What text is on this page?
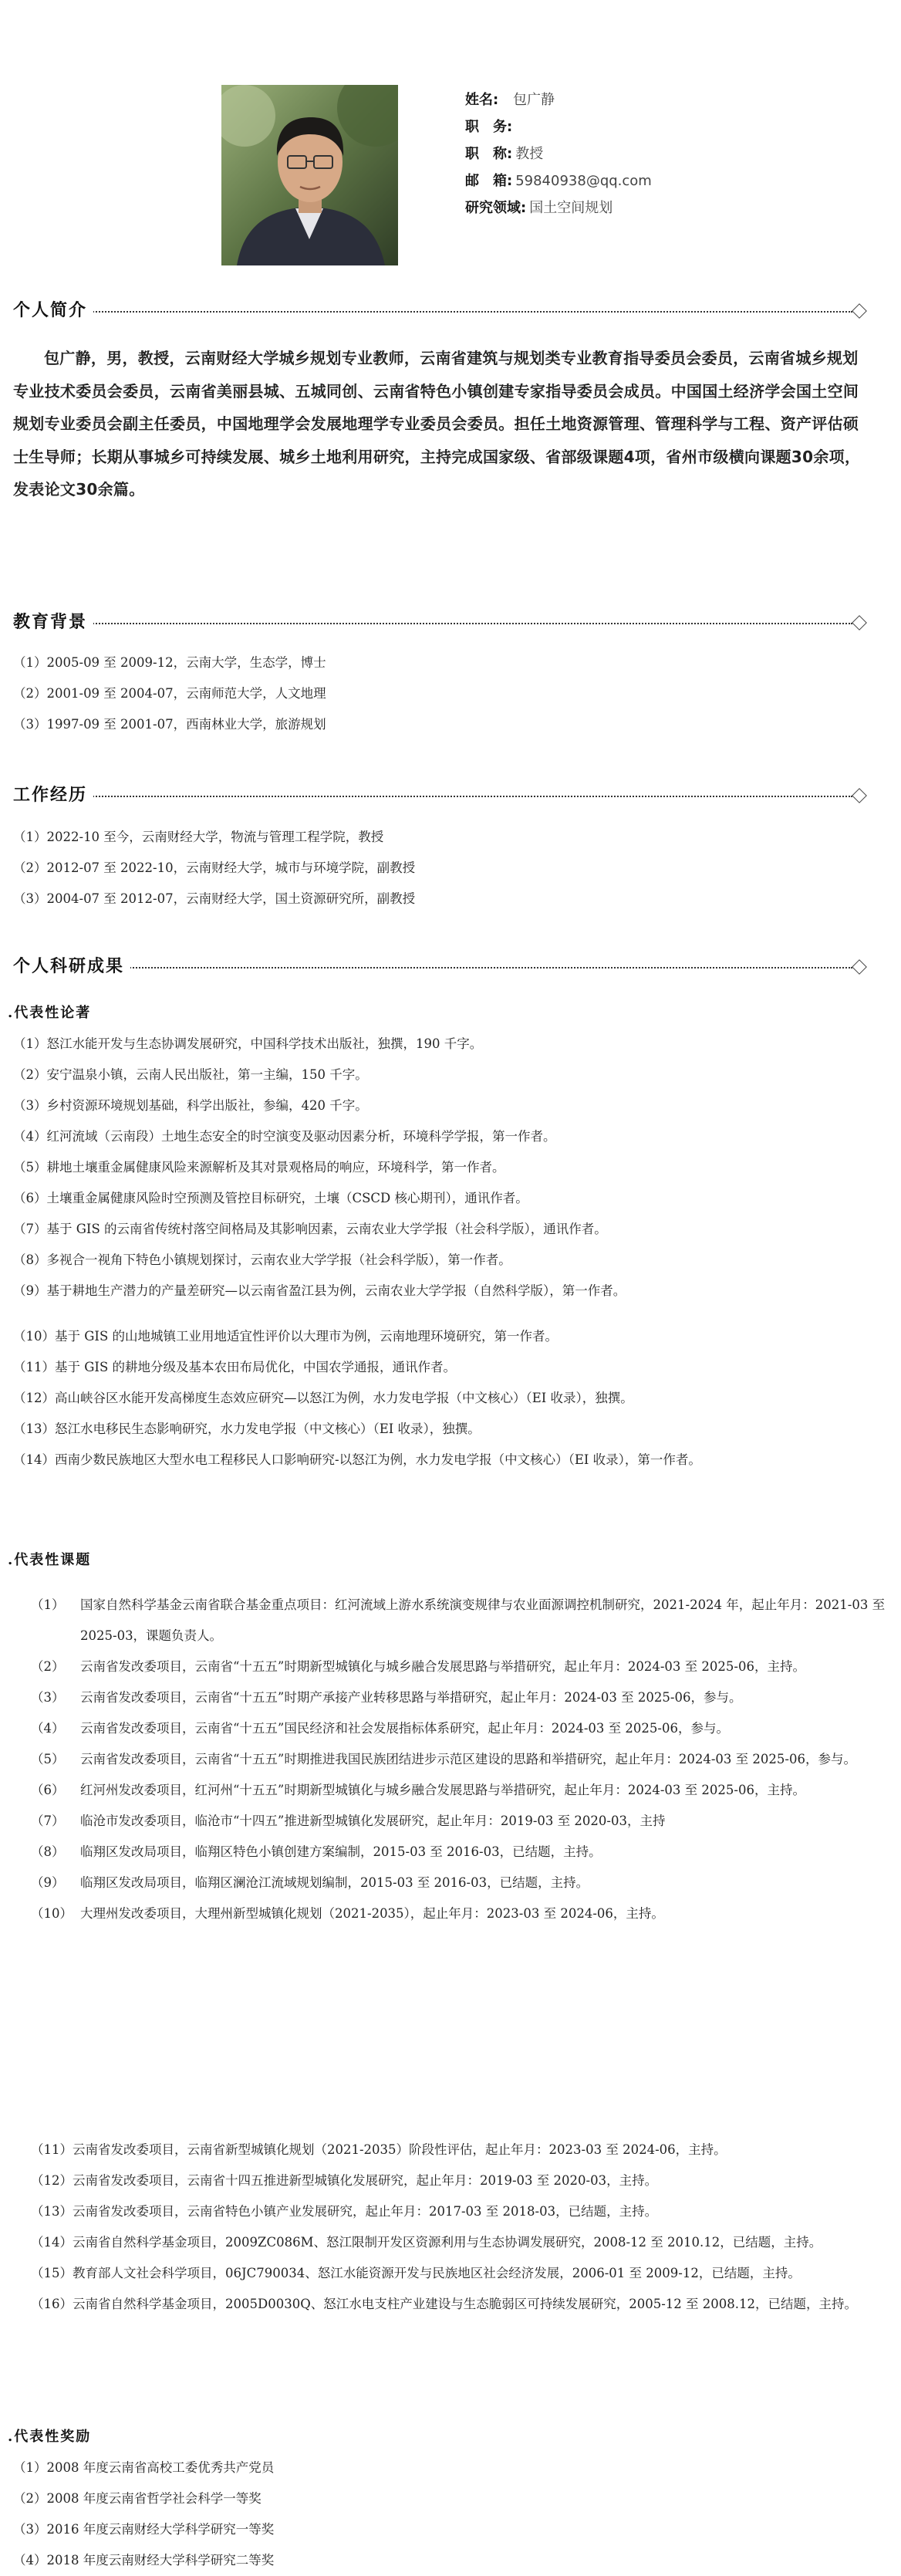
姓名: 包广静
职　务:
职　称: 教授
邮　箱: 59840938@qq.com
研究领域: 国土空间规划
个人简介
包广静，男，教授，云南财经大学城乡规划专业教师，云南省建筑与规划类专业教育指导委员会委员，云南省城乡规划专业技术委员会委员，云南省美丽县城、五城同创、云南省特色小镇创建专家指导委员会成员。中国国土经济学会国土空间规划专业委员会副主任委员，中国地理学会发展地理学专业委员会委员。担任土地资源管理、管理科学与工程、资产评估硕士生导师；长期从事城乡可持续发展、城乡土地利用研究，主持完成国家级、省部级课题4项，省州市级横向课题30余项，发表论文30余篇。
教育背景
（1）2005-09 至 2009-12，云南大学，生态学，博士
（2）2001-09 至 2004-07，云南师范大学，人文地理
（3）1997-09 至 2001-07，西南林业大学，旅游规划
工作经历
（1）2022-10 至今，云南财经大学，物流与管理工程学院，教授
（2）2012-07 至 2022-10，云南财经大学，城市与环境学院，副教授
（3）2004-07 至 2012-07，云南财经大学，国土资源研究所，副教授
个人科研成果
.代表性论著
（1）怒江水能开发与生态协调发展研究，中国科学技术出版社，独撰，190 千字。
（2）安宁温泉小镇，云南人民出版社，第一主编，150 千字。
（3）乡村资源环境规划基础，科学出版社，参编，420 千字。
（4）红河流域（云南段）土地生态安全的时空演变及驱动因素分析，环境科学学报，第一作者。
（5）耕地土壤重金属健康风险来源解析及其对景观格局的响应，环境科学，第一作者。
（6）土壤重金属健康风险时空预测及管控目标研究，土壤（CSCD 核心期刊），通讯作者。
（7）基于 GIS 的云南省传统村落空间格局及其影响因素，云南农业大学学报（社会科学版），通讯作者。
（8）多视合一视角下特色小镇规划探讨，云南农业大学学报（社会科学版），第一作者。
（9）基于耕地生产潜力的产量差研究—以云南省盈江县为例，云南农业大学学报（自然科学版），第一作者。
（10）基于 GIS 的山地城镇工业用地适宜性评价以大理市为例，云南地理环境研究，第一作者。
（11）基于 GIS 的耕地分级及基本农田布局优化，中国农学通报，通讯作者。
（12）高山峡谷区水能开发高梯度生态效应研究—以怒江为例，水力发电学报（中文核心）（EI 收录），独撰。
（13）怒江水电移民生态影响研究，水力发电学报（中文核心）（EI 收录），独撰。
（14）西南少数民族地区大型水电工程移民人口影响研究-以怒江为例，水力发电学报（中文核心）（EI 收录），第一作者。
.代表性课题
（1） 国家自然科学基金云南省联合基金重点项目：红河流域上游水系统演变规律与农业面源调控机制研究，2021-2024 年，起止年月：2021-03 至 2025-03，课题负责人。
（2） 云南省发改委项目，云南省“十五五”时期新型城镇化与城乡融合发展思路与举措研究，起止年月：2024-03 至 2025-06，主持。
（3） 云南省发改委项目，云南省“十五五”时期产承接产业转移思路与举措研究，起止年月：2024-03 至 2025-06，参与。
（4） 云南省发改委项目，云南省“十五五”国民经济和社会发展指标体系研究，起止年月：2024-03 至 2025-06，参与。
（5） 云南省发改委项目，云南省“十五五”时期推进我国民族团结进步示范区建设的思路和举措研究，起止年月：2024-03 至 2025-06，参与。
（6） 红河州发改委项目，红河州“十五五”时期新型城镇化与城乡融合发展思路与举措研究，起止年月：2024-03 至 2025-06，主持。
（7） 临沧市发改委项目，临沧市“十四五”推进新型城镇化发展研究，起止年月：2019-03 至 2020-03，主持
（8） 临翔区发改局项目，临翔区特色小镇创建方案编制，2015-03 至 2016-03，已结题，主持。
（9） 临翔区发改局项目，临翔区澜沧江流域规划编制，2015-03 至 2016-03，已结题，主持。
（10） 大理州发改委项目，大理州新型城镇化规划（2021-2035），起止年月：2023-03 至 2024-06，主持。
（11）云南省发改委项目，云南省新型城镇化规划（2021-2035）阶段性评估，起止年月：2023-03 至 2024-06，主持。
（12）云南省发改委项目，云南省十四五推进新型城镇化发展研究，起止年月：2019-03 至 2020-03，主持。
（13）云南省发改委项目，云南省特色小镇产业发展研究，起止年月：2017-03 至 2018-03，已结题，主持。
（14）云南省自然科学基金项目，2009ZC086M、怒江限制开发区资源利用与生态协调发展研究，2008-12 至 2010.12，已结题，主持。
（15）教育部人文社会科学项目，06JC790034、怒江水能资源开发与民族地区社会经济发展，2006-01 至 2009-12，已结题，主持。
（16）云南省自然科学基金项目，2005D0030Q、怒江水电支柱产业建设与生态脆弱区可持续发展研究，2005-12 至 2008.12，已结题，主持。
.代表性奖励
（1）2008 年度云南省高校工委优秀共产党员
（2）2008 年度云南省哲学社会科学一等奖
（3）2016 年度云南财经大学科学研究一等奖
（4）2018 年度云南财经大学科学研究二等奖
